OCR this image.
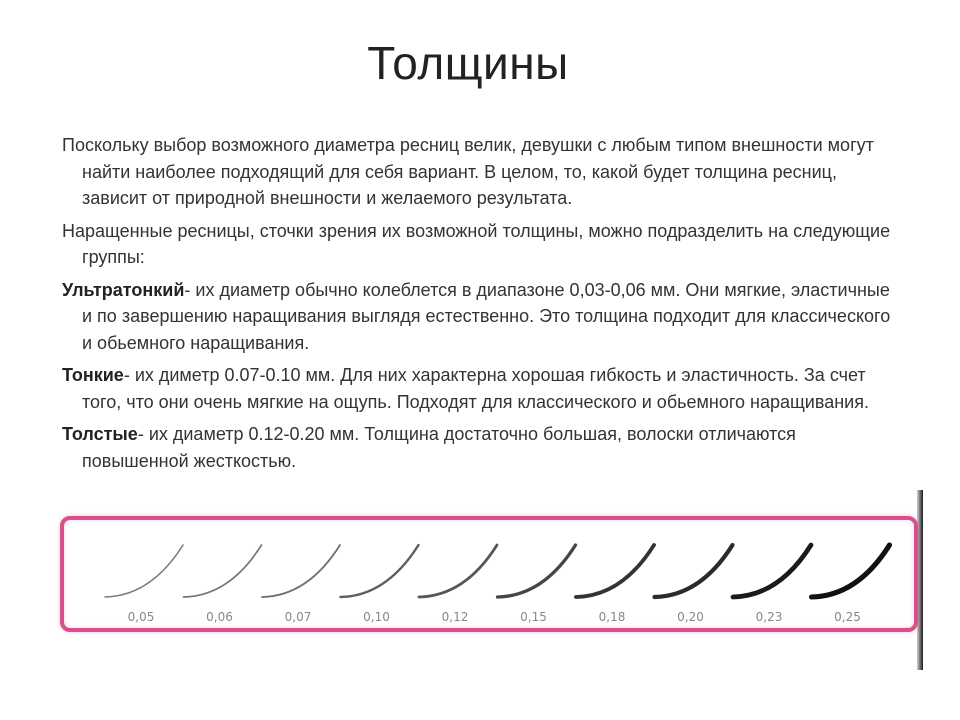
Толщины

Поскольку выбор возможного диаметра ресниц велик, девушки с любым типом внешности могут найти наиболее подходящий для себя вариант. В целом, то, какой будет толщина ресниц, зависит от природной внешности и желаемого результата.

Наращенные ресницы, сточки зрения их возможной толщины, можно подразделить на следующие группы:

Ультратонкий- их диаметр обычно колеблется в диапазоне 0,03-0,06 мм. Они мягкие, эластичные и по завершению наращивания выглядя естественно. Это толщина подходит для классического и обьемного наращивания.

Тонкие- их диметр 0.07-0.10 мм. Для них характерна хорошая гибкость и эластичность. За счет того, что они очень мягкие на ощупь. Подходят для классического и обьемного наращивания.

Толстые- их диаметр 0.12-0.20 мм. Толщина достаточно большая, волоски отличаются повышенной жесткостью.

0,05	0,06	0,07	0,10	0,12	0,15	0,18	0,20	0,23	0,25
